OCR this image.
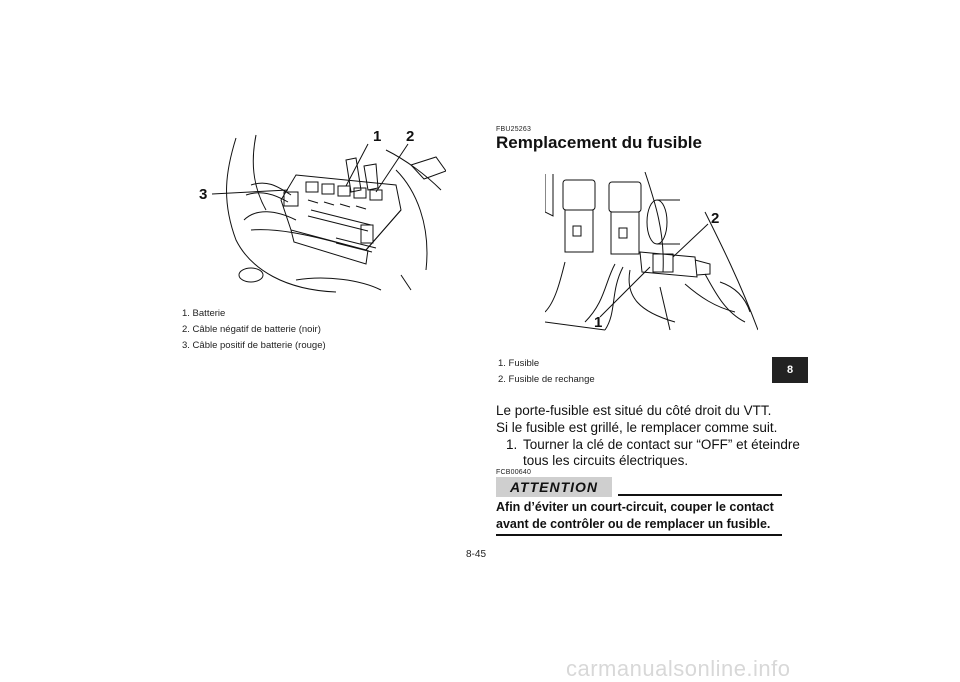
1 2
3
1. Batterie
2. Câble négatif de batterie (noir)
3. Câble positif de batterie (rouge)
FBU25263
Remplacement du fusible
2
1
1. Fusible
2. Fusible de rechange
Le porte-fusible est situé du côté droit du VTT.
Si le fusible est grillé, le remplacer comme suit.
1. Tourner la clé de contact sur “OFF” et éteindre
tous les circuits électriques.
FCB00640
ATTENTION
Afin d’éviter un court-circuit, couper le contact
avant de contrôler ou de remplacer un fusible.
8
8-45
carmanualsonline.info
